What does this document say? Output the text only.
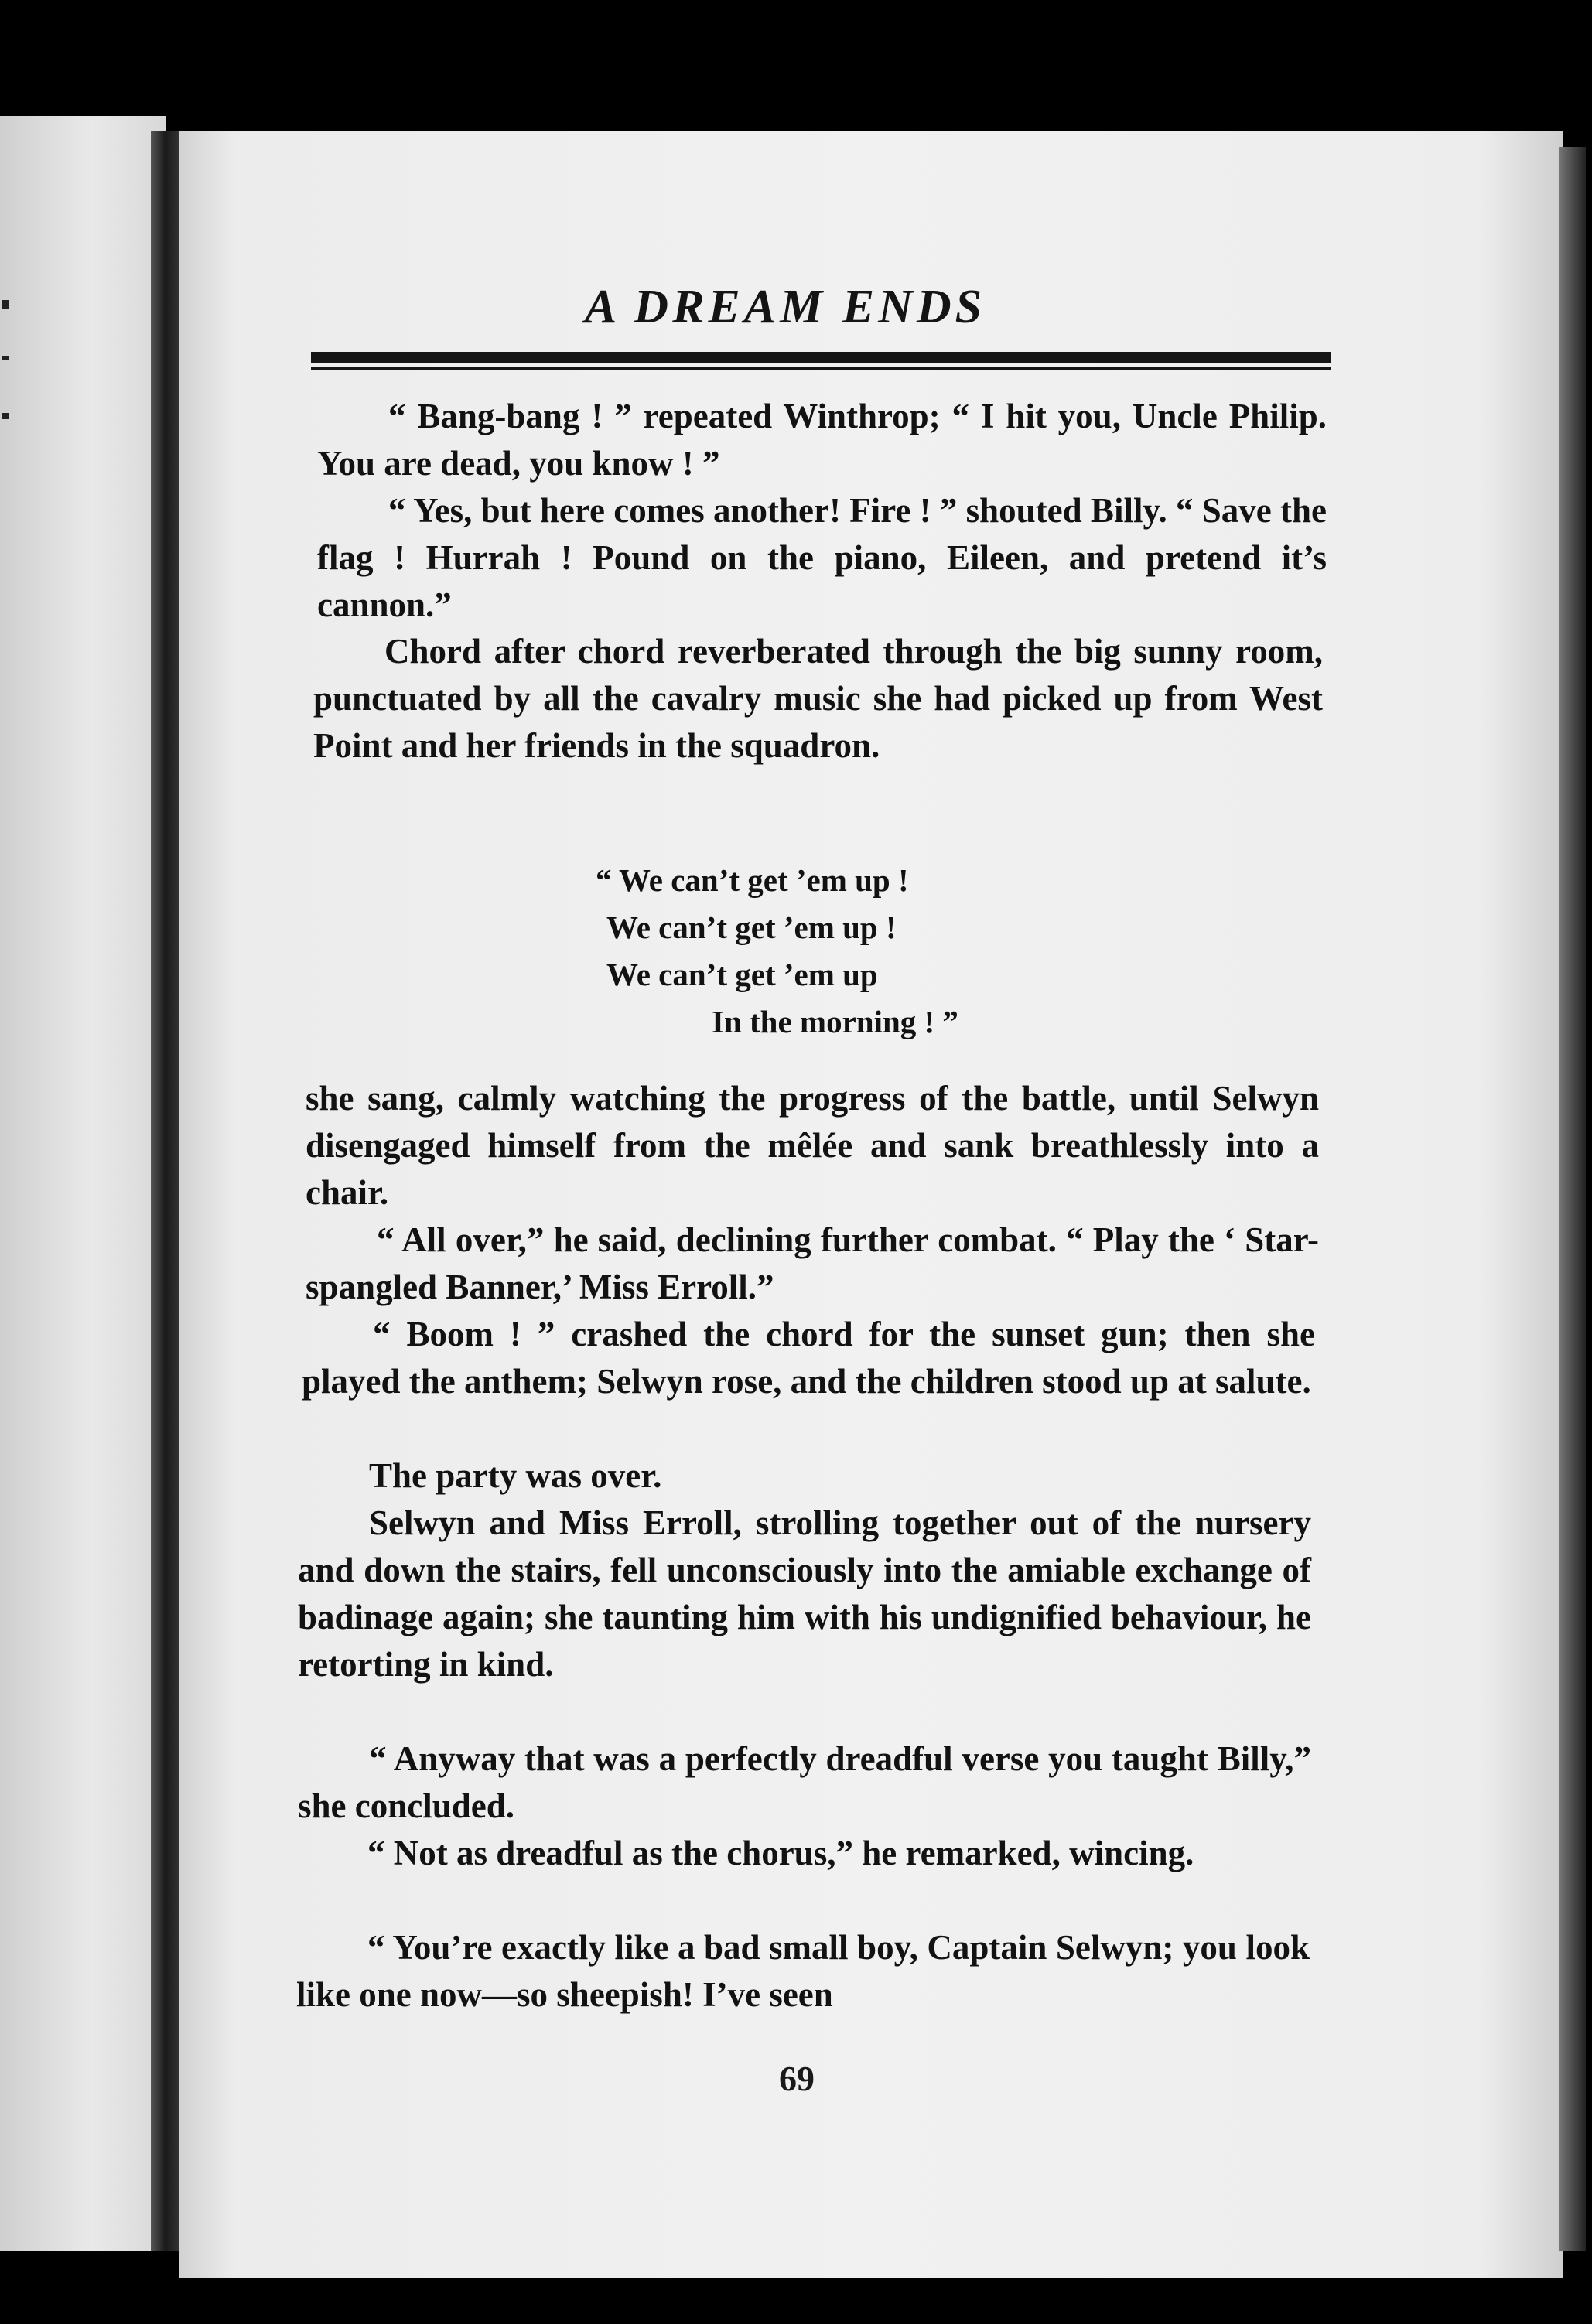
A DREAM ENDS

“ Bang-bang ! ” repeated Winthrop; “ I hit you, Uncle Philip. You are dead, you know ! ”

“ Yes, but here comes another! Fire ! ” shouted Billy. “ Save the flag ! Hurrah ! Pound on the piano, Eileen, and pretend it’s cannon.”

Chord after chord reverberated through the big sunny room, punctuated by all the cavalry music she had picked up from West Point and her friends in the squadron.

“ We can’t get ’em up !
We can’t get ’em up !
We can’t get ’em up
In the morning ! ”

she sang, calmly watching the progress of the battle, until Selwyn disengaged himself from the mêlée and sank breathlessly into a chair.

“ All over,” he said, declining further combat. “ Play the ‘ Star-spangled Banner,’ Miss Erroll.”

“ Boom ! ” crashed the chord for the sunset gun; then she played the anthem; Selwyn rose, and the children stood up at salute.

The party was over.

Selwyn and Miss Erroll, strolling together out of the nursery and down the stairs, fell unconsciously into the amiable exchange of badinage again; she taunting him with his undignified behaviour, he retorting in kind.

“ Anyway that was a perfectly dreadful verse you taught Billy,” she concluded.

“ Not as dreadful as the chorus,” he remarked, wincing.

“ You’re exactly like a bad small boy, Captain Selwyn; you look like one now—so sheepish! I’ve seen

69
